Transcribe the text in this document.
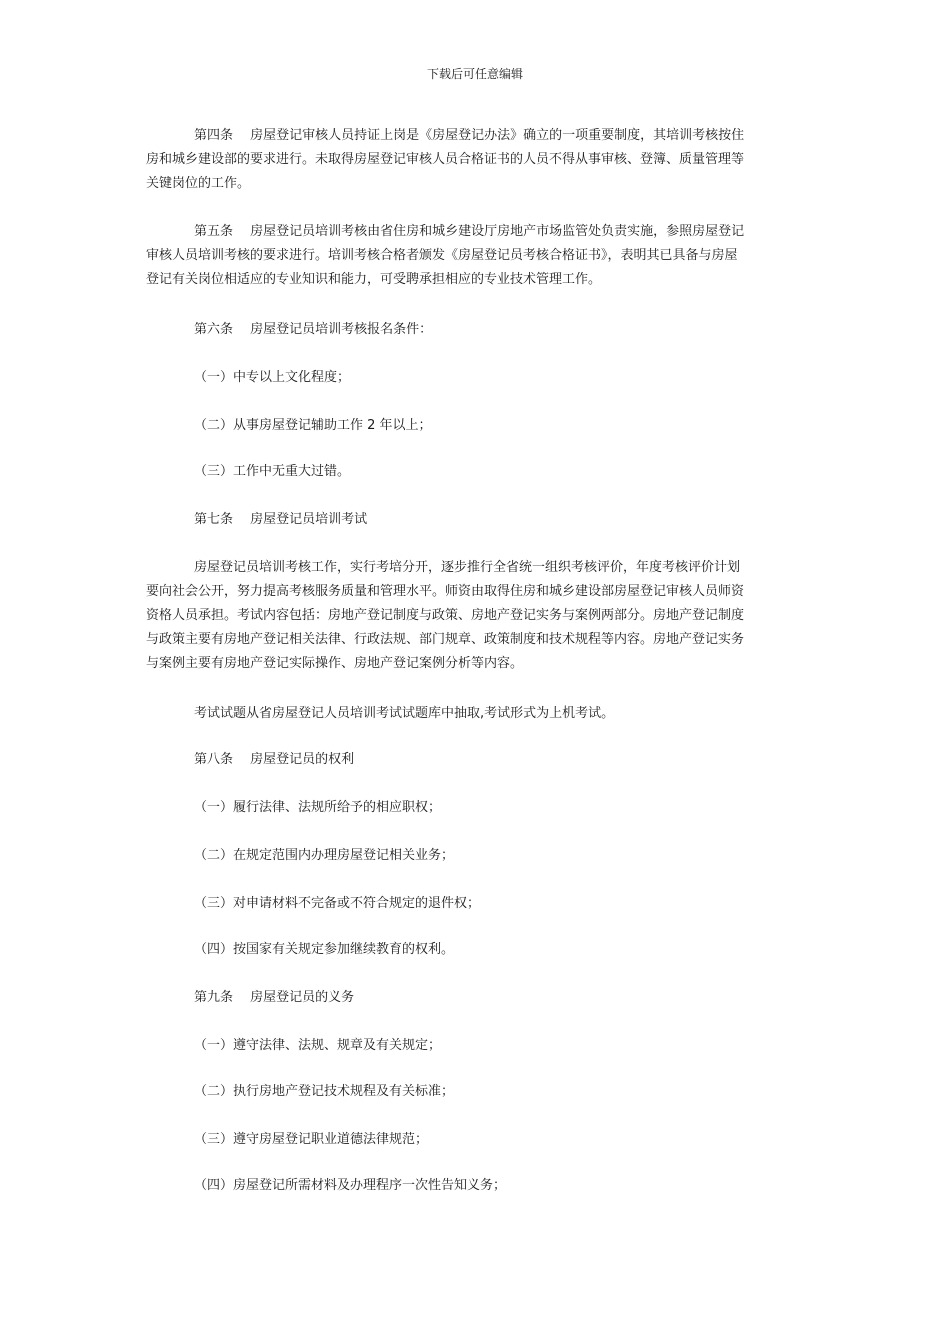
下载后可任意编辑
第四条　 房屋登记审核人员持证上岗是《房屋登记办法》确立的一项重要制度，其培训考核按住
房和城乡建设部的要求进行。未取得房屋登记审核人员合格证书的人员不得从事审核、登簿、质量管理等
关键岗位的工作。
第五条　 房屋登记员培训考核由省住房和城乡建设厅房地产市场监管处负责实施，参照房屋登记
审核人员培训考核的要求进行。培训考核合格者颁发《房屋登记员考核合格证书》，表明其已具备与房屋
登记有关岗位相适应的专业知识和能力，可受聘承担相应的专业技术管理工作。
第六条　 房屋登记员培训考核报名条件：
（一）中专以上文化程度；
（二）从事房屋登记辅助工作 2 年以上；
（三）工作中无重大过错。
第七条　 房屋登记员培训考试
房屋登记员培训考核工作，实行考培分开，逐步推行全省统一组织考核评价，年度考核评价计划
要向社会公开，努力提高考核服务质量和管理水平。师资由取得住房和城乡建设部房屋登记审核人员师资
资格人员承担。考试内容包括：房地产登记制度与政策、房地产登记实务与案例两部分。房地产登记制度
与政策主要有房地产登记相关法律、行政法规、部门规章、政策制度和技术规程等内容。房地产登记实务
与案例主要有房地产登记实际操作、房地产登记案例分析等内容。
考试试题从省房屋登记人员培训考试试题库中抽取,考试形式为上机考试。
第八条　 房屋登记员的权利
（一）履行法律、法规所给予的相应职权；
（二）在规定范围内办理房屋登记相关业务；
（三）对申请材料不完备或不符合规定的退件权；
（四）按国家有关规定参加继续教育的权利。
第九条　 房屋登记员的义务
（一）遵守法律、法规、规章及有关规定；
（二）执行房地产登记技术规程及有关标准；
（三）遵守房屋登记职业道德法律规范；
（四）房屋登记所需材料及办理程序一次性告知义务；
